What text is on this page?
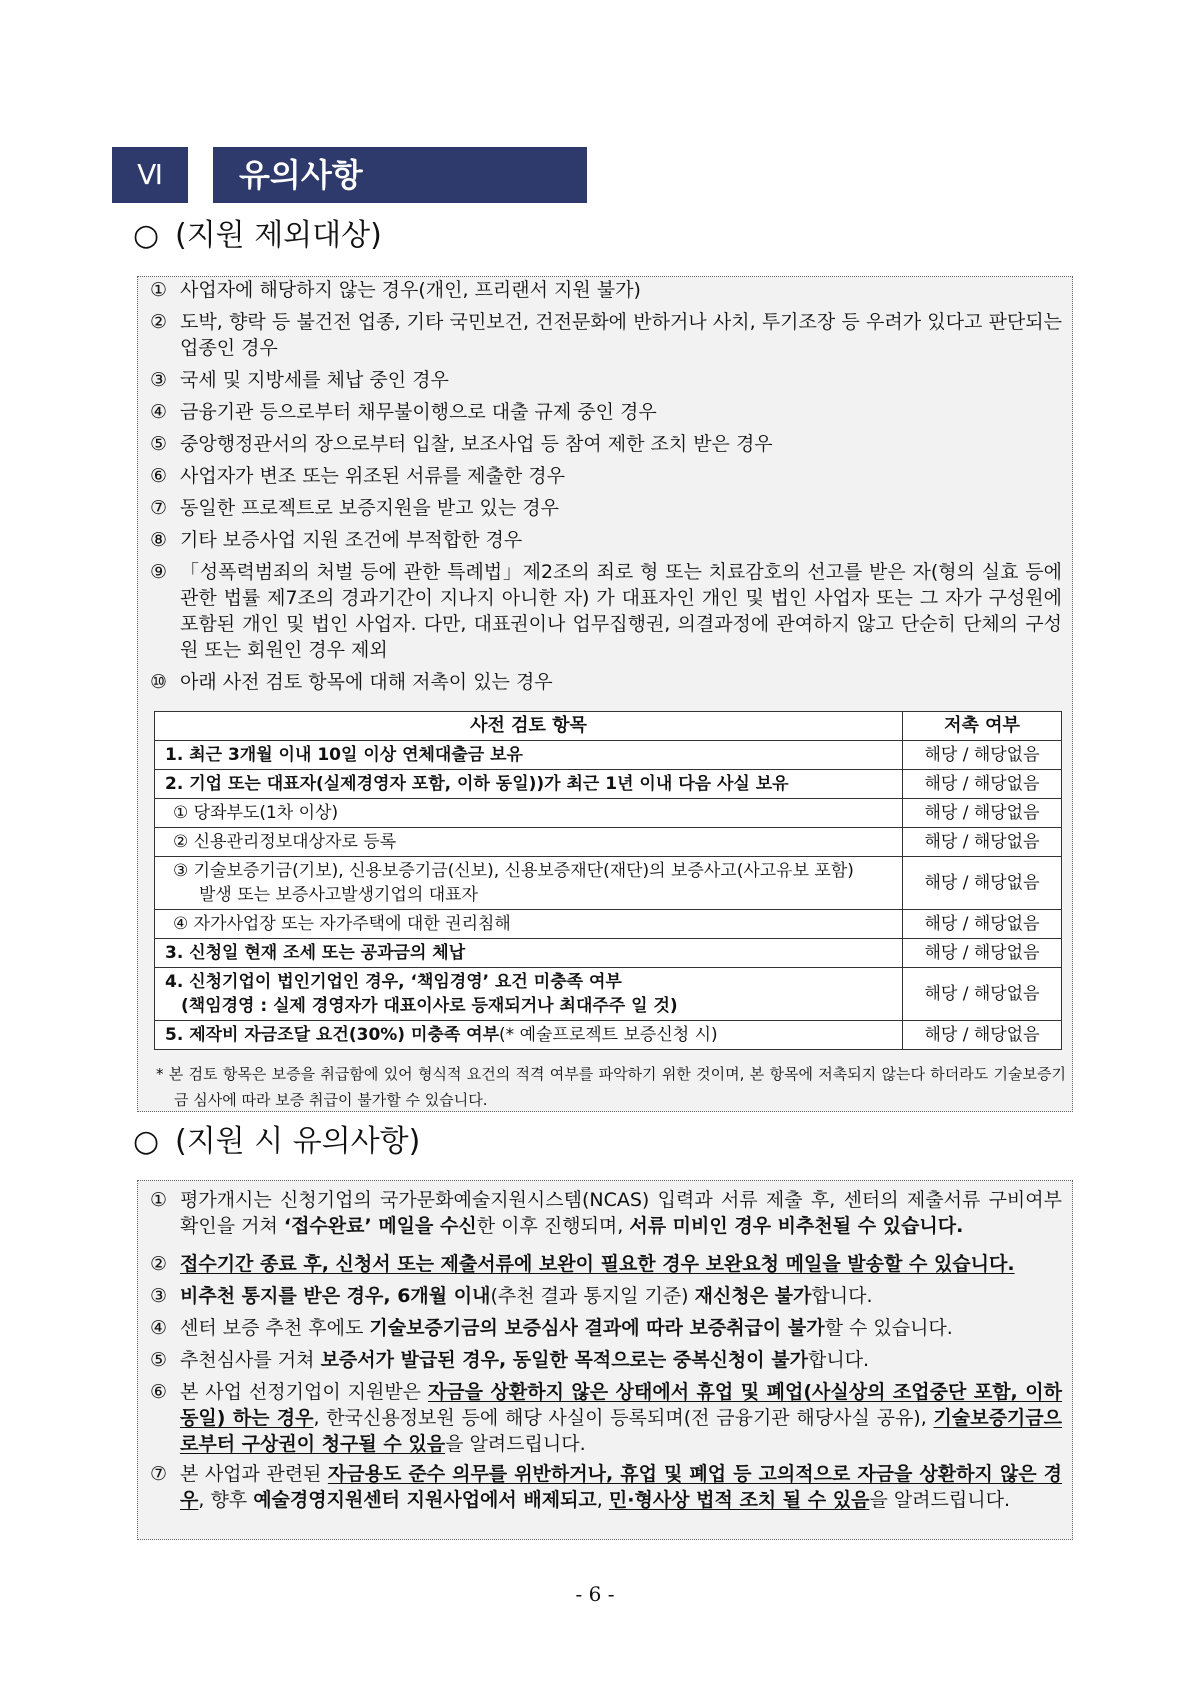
Ⅵ	유의사항
○ (지원 제외대상)
① 사업자에 해당하지 않는 경우(개인, 프리랜서 지원 불가)
② 도박, 향락 등 불건전 업종, 기타 국민보건, 건전문화에 반하거나 사치, 투기조장 등 우려가 있다고 판단되는 업종인 경우
③ 국세 및 지방세를 체납 중인 경우
④ 금융기관 등으로부터 채무불이행으로 대출 규제 중인 경우
⑤ 중앙행정관서의 장으로부터 입찰, 보조사업 등 참여 제한 조치 받은 경우
⑥ 사업자가 변조 또는 위조된 서류를 제출한 경우
⑦ 동일한 프로젝트로 보증지원을 받고 있는 경우
⑧ 기타 보증사업 지원 조건에 부적합한 경우
⑨ 「성폭력범죄의 처벌 등에 관한 특례법」제2조의 죄로 형 또는 치료감호의 선고를 받은 자(형의 실효 등에 관한 법률 제7조의 경과기간이 지나지 아니한 자) 가 대표자인 개인 및 법인 사업자 또는 그 자가 구성원에 포함된 개인 및 법인 사업자. 다만, 대표권이나 업무집행권, 의결과정에 관여하지 않고 단순히 단체의 구성원 또는 회원인 경우 제외
⑩ 아래 사전 검토 항목에 대해 저촉이 있는 경우
사전 검토 항목	저촉 여부
1. 최근 3개월 이내 10일 이상 연체대출금 보유	해당 / 해당없음
2. 기업 또는 대표자(실제경영자 포함, 이하 동일))가 최근 1년 이내 다음 사실 보유	해당 / 해당없음
① 당좌부도(1차 이상)	해당 / 해당없음
② 신용관리정보대상자로 등록	해당 / 해당없음
③ 기술보증기금(기보), 신용보증기금(신보), 신용보증재단(재단)의 보증사고(사고유보 포함)
발생 또는 보증사고발생기업의 대표자	해당 / 해당없음
④ 자가사업장 또는 자가주택에 대한 권리침해	해당 / 해당없음
3. 신청일 현재 조세 또는 공과금의 체납	해당 / 해당없음
4. 신청기업이 법인기업인 경우, ‘책임경영’ 요건 미충족 여부
(책임경영 : 실제 경영자가 대표이사로 등재되거나 최대주주 일 것)	해당 / 해당없음
5. 제작비 자금조달 요건(30%) 미충족 여부(* 예술프로젝트 보증신청 시)	해당 / 해당없음
* 본 검토 항목은 보증을 취급함에 있어 형식적 요건의 적격 여부를 파악하기 위한 것이며, 본 항목에 저촉되지 않는다 하더라도 기술보증기금 심사에 따라 보증 취급이 불가할 수 있습니다.
○ (지원 시 유의사항)
① 평가개시는 신청기업의 국가문화예술지원시스템(NCAS) 입력과 서류 제출 후, 센터의 제출서류 구비여부 확인을 거쳐 ‘접수완료’ 메일을 수신한 이후 진행되며, 서류 미비인 경우 비추천될 수 있습니다.
② 접수기간 종료 후, 신청서 또는 제출서류에 보완이 필요한 경우 보완요청 메일을 발송할 수 있습니다.
③ 비추천 통지를 받은 경우, 6개월 이내(추천 결과 통지일 기준) 재신청은 불가합니다.
④ 센터 보증 추천 후에도 기술보증기금의 보증심사 결과에 따라 보증취급이 불가할 수 있습니다.
⑤ 추천심사를 거쳐 보증서가 발급된 경우, 동일한 목적으로는 중복신청이 불가합니다.
⑥ 본 사업 선정기업이 지원받은 자금을 상환하지 않은 상태에서 휴업 및 폐업(사실상의 조업중단 포함, 이하 동일) 하는 경우, 한국신용정보원 등에 해당 사실이 등록되며(전 금융기관 해당사실 공유), 기술보증기금으로부터 구상권이 청구될 수 있음을 알려드립니다.
⑦ 본 사업과 관련된 자금용도 준수 의무를 위반하거나, 휴업 및 폐업 등 고의적으로 자금을 상환하지 않은 경우, 향후 예술경영지원센터 지원사업에서 배제되고, 민·형사상 법적 조치 될 수 있음을 알려드립니다.
- 6 -
